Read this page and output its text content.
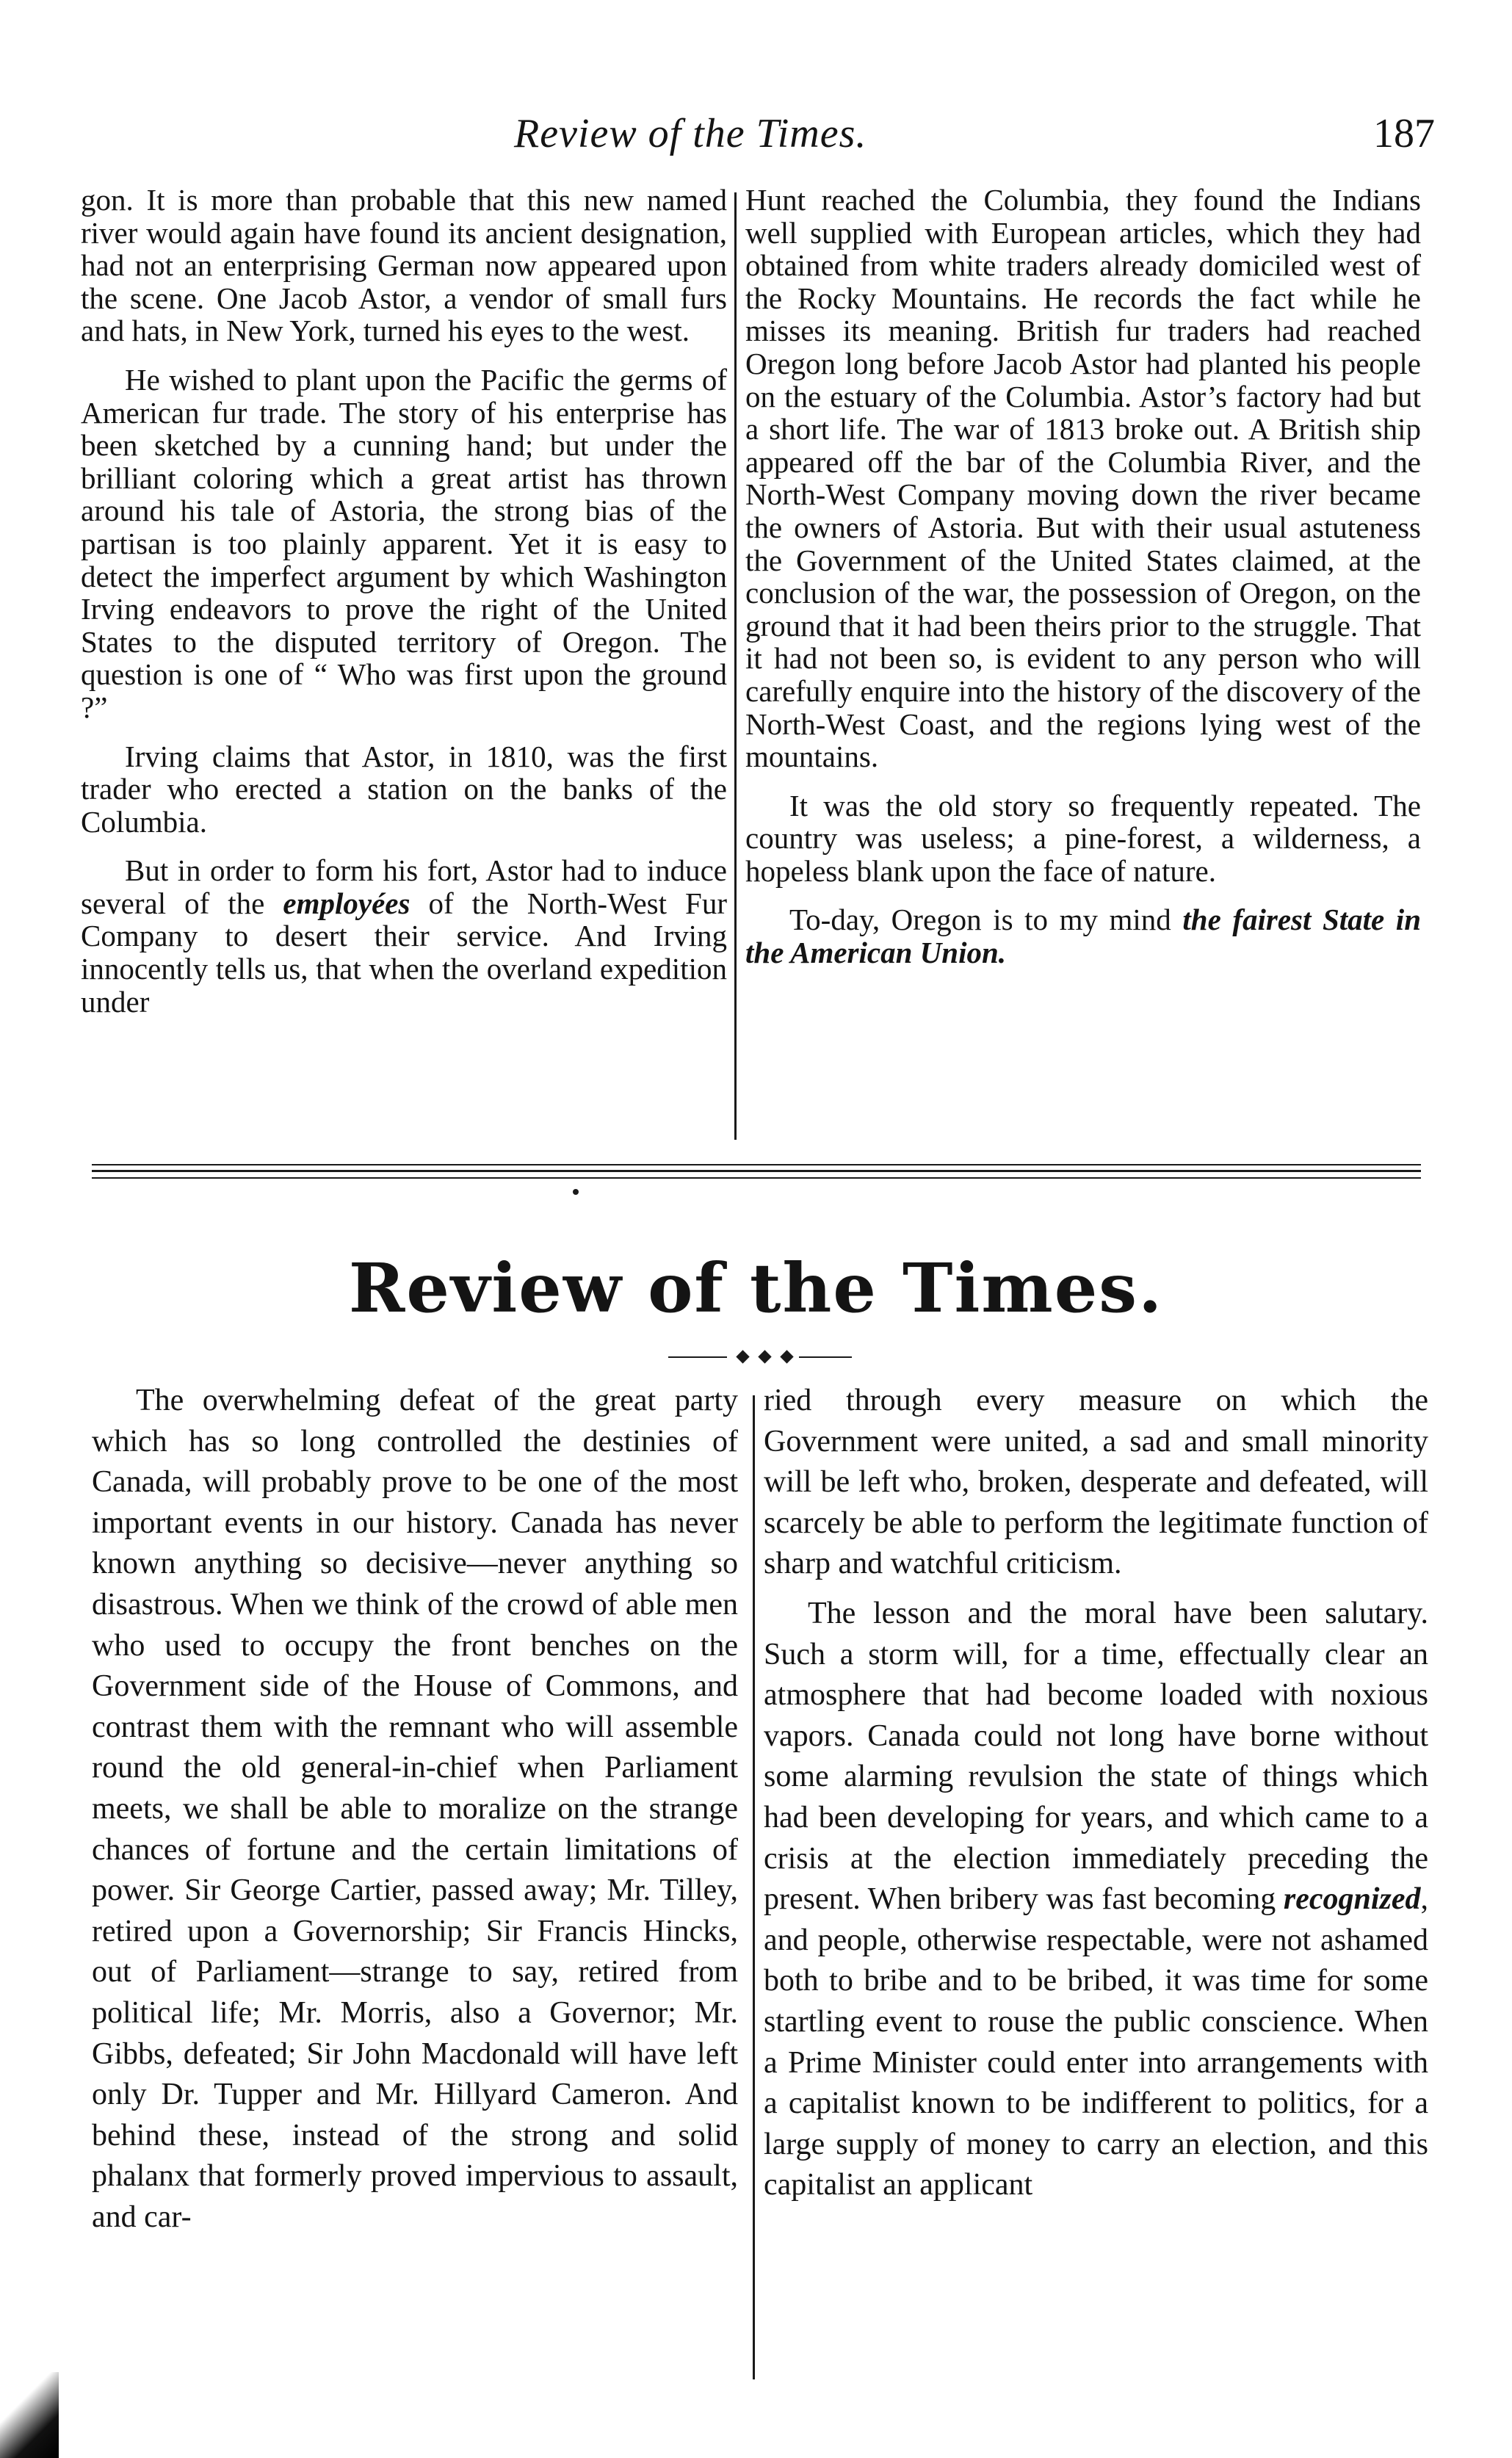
Review of the Times.	187

gon. It is more than probable that this new named river would again have found its ancient designation, had not an enterprising German now appeared upon the scene. One Jacob Astor, a vendor of small furs and hats, in New York, turned his eyes to the west.

He wished to plant upon the Pacific the germs of American fur trade. The story of his enterprise has been sketched by a cunning hand; but under the brilliant coloring which a great artist has thrown around his tale of Astoria, the strong bias of the partisan is too plainly apparent. Yet it is easy to detect the imperfect argument by which Washington Irving endeavors to prove the right of the United States to the disputed territory of Oregon. The question is one of “ Who was first upon the ground ?”

Irving claims that Astor, in 1810, was the first trader who erected a station on the banks of the Columbia.

But in order to form his fort, Astor had to induce several of the employées of the North-West Fur Company to desert their service. And Irving innocently tells us, that when the overland expedition under

Hunt reached the Columbia, they found the Indians well supplied with European articles, which they had obtained from white traders already domiciled west of the Rocky Mountains. He records the fact while he misses its meaning. British fur traders had reached Oregon long before Jacob Astor had planted his people on the estuary of the Columbia. Astor’s factory had but a short life. The war of 1813 broke out. A British ship appeared off the bar of the Columbia River, and the North-West Company moving down the river became the owners of Astoria. But with their usual astuteness the Government of the United States claimed, at the conclusion of the war, the possession of Oregon, on the ground that it had been theirs prior to the struggle. That it had not been so, is evident to any person who will carefully enquire into the history of the discovery of the North-West Coast, and the regions lying west of the mountains.

It was the old story so frequently repeated. The country was useless; a pine-forest, a wilderness, a hopeless blank upon the face of nature.

To-day, Oregon is to my mind the fairest State in the American Union.

Review of the Times.

The overwhelming defeat of the great party which has so long controlled the destinies of Canada, will probably prove to be one of the most important events in our history. Canada has never known anything so decisive—never anything so disastrous. When we think of the crowd of able men who used to occupy the front benches on the Government side of the House of Commons, and contrast them with the remnant who will assemble round the old general-in-chief when Parliament meets, we shall be able to moralize on the strange chances of fortune and the certain limitations of power. Sir George Cartier, passed away; Mr. Tilley, retired upon a Governorship; Sir Francis Hincks, out of Parliament—strange to say, retired from political life; Mr. Morris, also a Governor; Mr. Gibbs, defeated; Sir John Macdonald will have left only Dr. Tupper and Mr. Hillyard Cameron. And behind these, instead of the strong and solid phalanx that formerly proved impervious to assault, and car-

ried through every measure on which the Government were united, a sad and small minority will be left who, broken, desperate and defeated, will scarcely be able to perform the legitimate function of sharp and watchful criticism.

The lesson and the moral have been salutary. Such a storm will, for a time, effectually clear an atmosphere that had become loaded with noxious vapors. Canada could not long have borne without some alarming revulsion the state of things which had been developing for years, and which came to a crisis at the election immediately preceding the present. When bribery was fast becoming recognized, and people, otherwise respectable, were not ashamed both to bribe and to be bribed, it was time for some startling event to rouse the public conscience. When a Prime Minister could enter into arrangements with a capitalist known to be indifferent to politics, for a large supply of money to carry an election, and this capitalist an applicant
